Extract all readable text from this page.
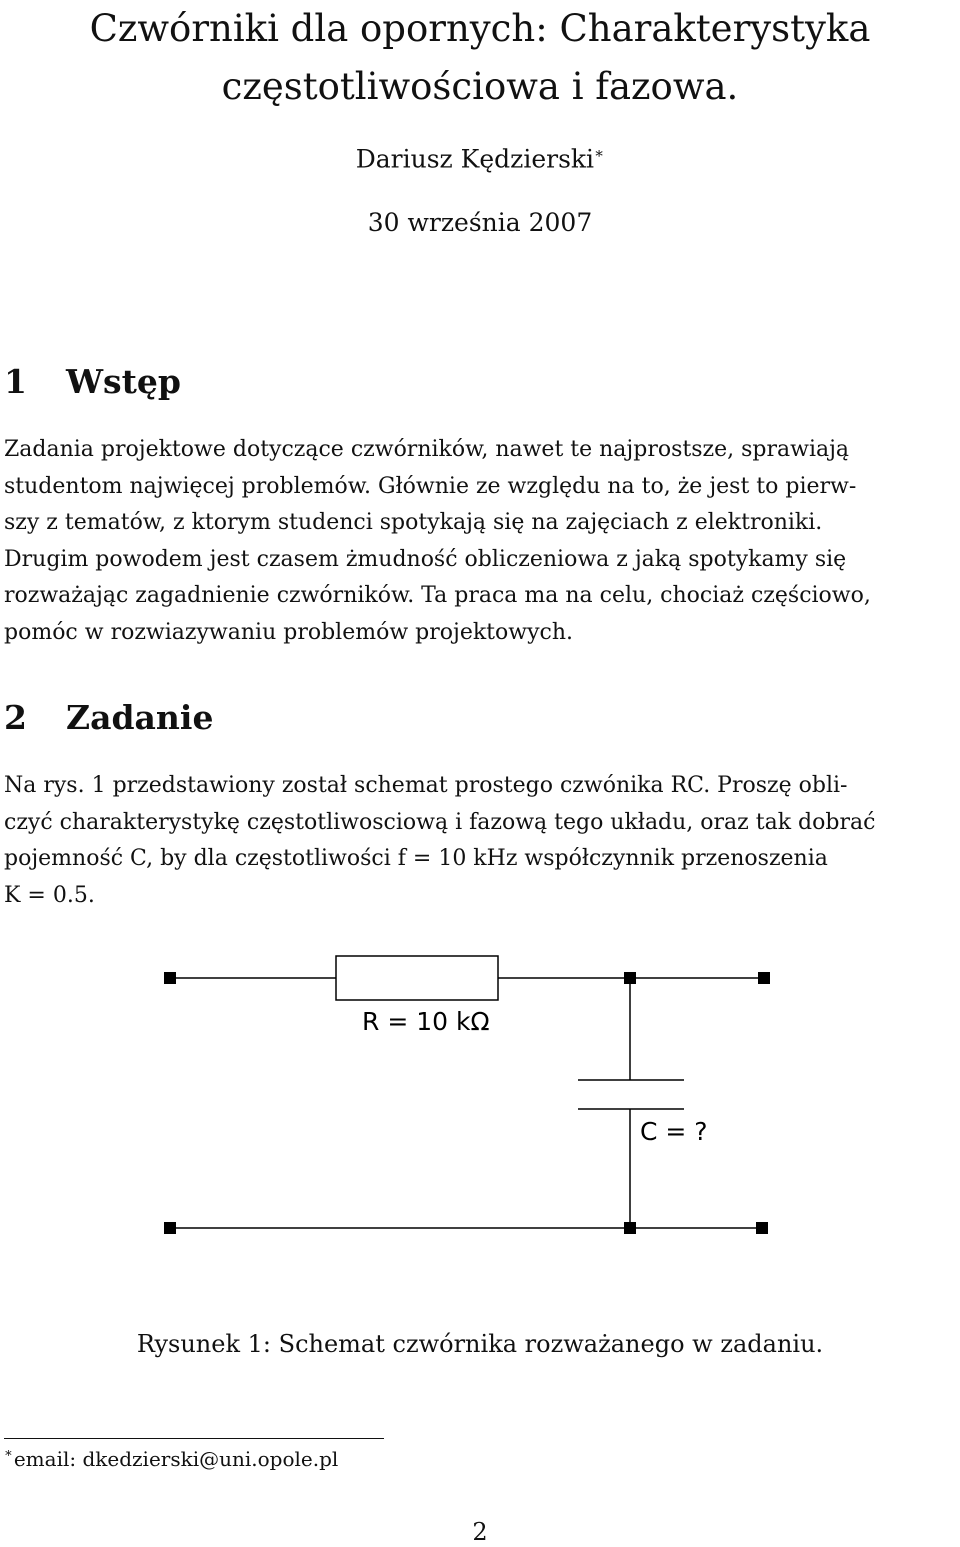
Czwórniki dla opornych: Charakterystyka
częstotliwościowa i fazowa.
Dariusz Kędzierski∗
30 września 2007
1 Wstęp
Zadania projektowe dotyczące czwórników, nawet te najprostsze, sprawiają
studentom najwięcej problemów. Głównie ze względu na to, że jest to pierw-
szy z tematów, z ktorym studenci spotykają się na zajęciach z elektroniki.
Drugim powodem jest czasem żmudność obliczeniowa z jaką spotykamy się
rozważając zagadnienie czwórników. Ta praca ma na celu, chociaż częściowo,
pomóc w rozwiazywaniu problemów projektowych.
2 Zadanie
Na rys. 1 przedstawiony został schemat prostego czwónika RC. Proszę obli-
czyć charakterystykę częstotliwosciową i fazową tego układu, oraz tak dobrać
pojemność C, by dla częstotliwości f = 10 kHz współczynnik przenoszenia
K = 0.5.
R = 10 kΩ
C = ?
Rysunek 1: Schemat czwórnika rozważanego w zadaniu.
∗email: dkedzierski@uni.opole.pl
2
